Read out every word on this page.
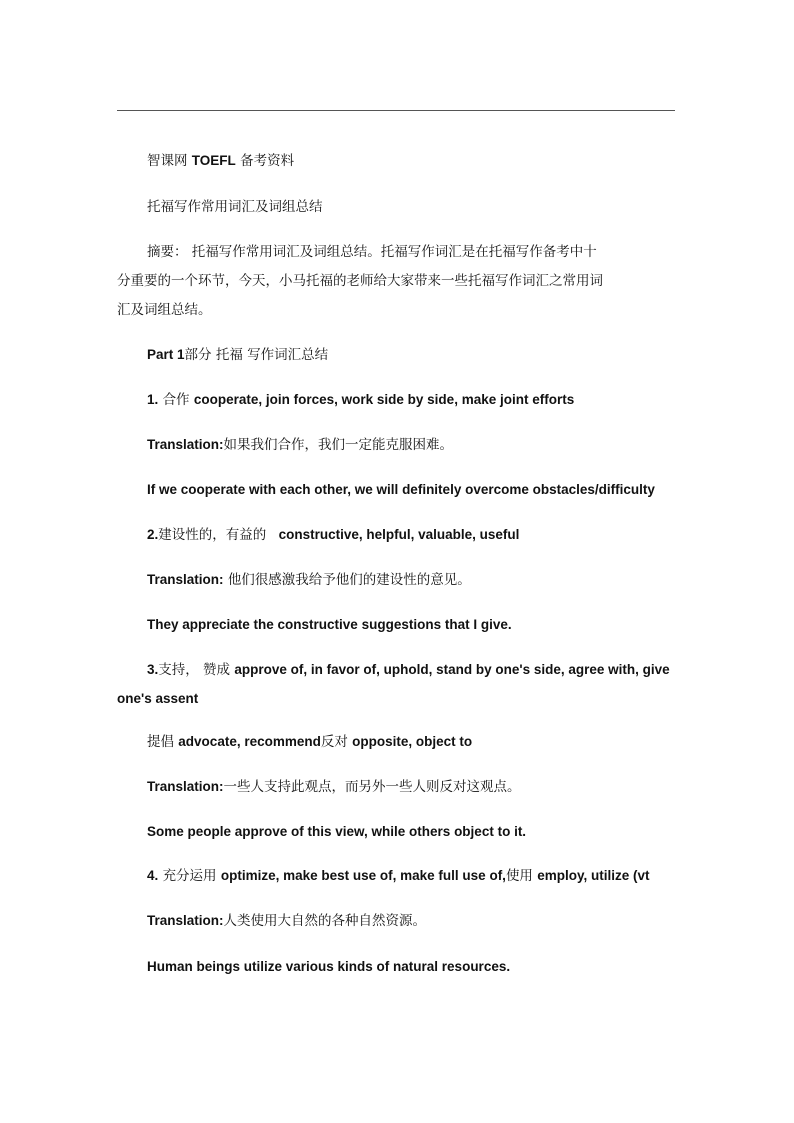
智课网 TOEFL 备考资料
托福写作常用词汇及词组总结
摘要： 托福写作常用词汇及词组总结。托福写作词汇是在托福写作备考中十
分重要的一个环节，今天，小马托福的老师给大家带来一些托福写作词汇之常用词
汇及词组总结。
Part 1部分 托福 写作词汇总结
1. 合作 cooperate, join forces, work side by side, make joint efforts
Translation:如果我们合作，我们一定能克服困难。
If we cooperate with each other, we will definitely overcome obstacles/difficulty
2.建设性的，有益的 constructive, helpful, valuable, useful
Translation: 他们很感激我给予他们的建设性的意见。
They appreciate the constructive suggestions that I give.
3.支持， 赞成 approve of, in favor of, uphold, stand by one's side, agree with, give
one's assent
提倡 advocate, recommend反对 opposite, object to
Translation:一些人支持此观点，而另外一些人则反对这观点。
Some people approve of this view, while others object to it.
4. 充分运用 optimize, make best use of, make full use of,使用 employ, utilize (vt
Translation:人类使用大自然的各种自然资源。
Human beings utilize various kinds of natural resources.
